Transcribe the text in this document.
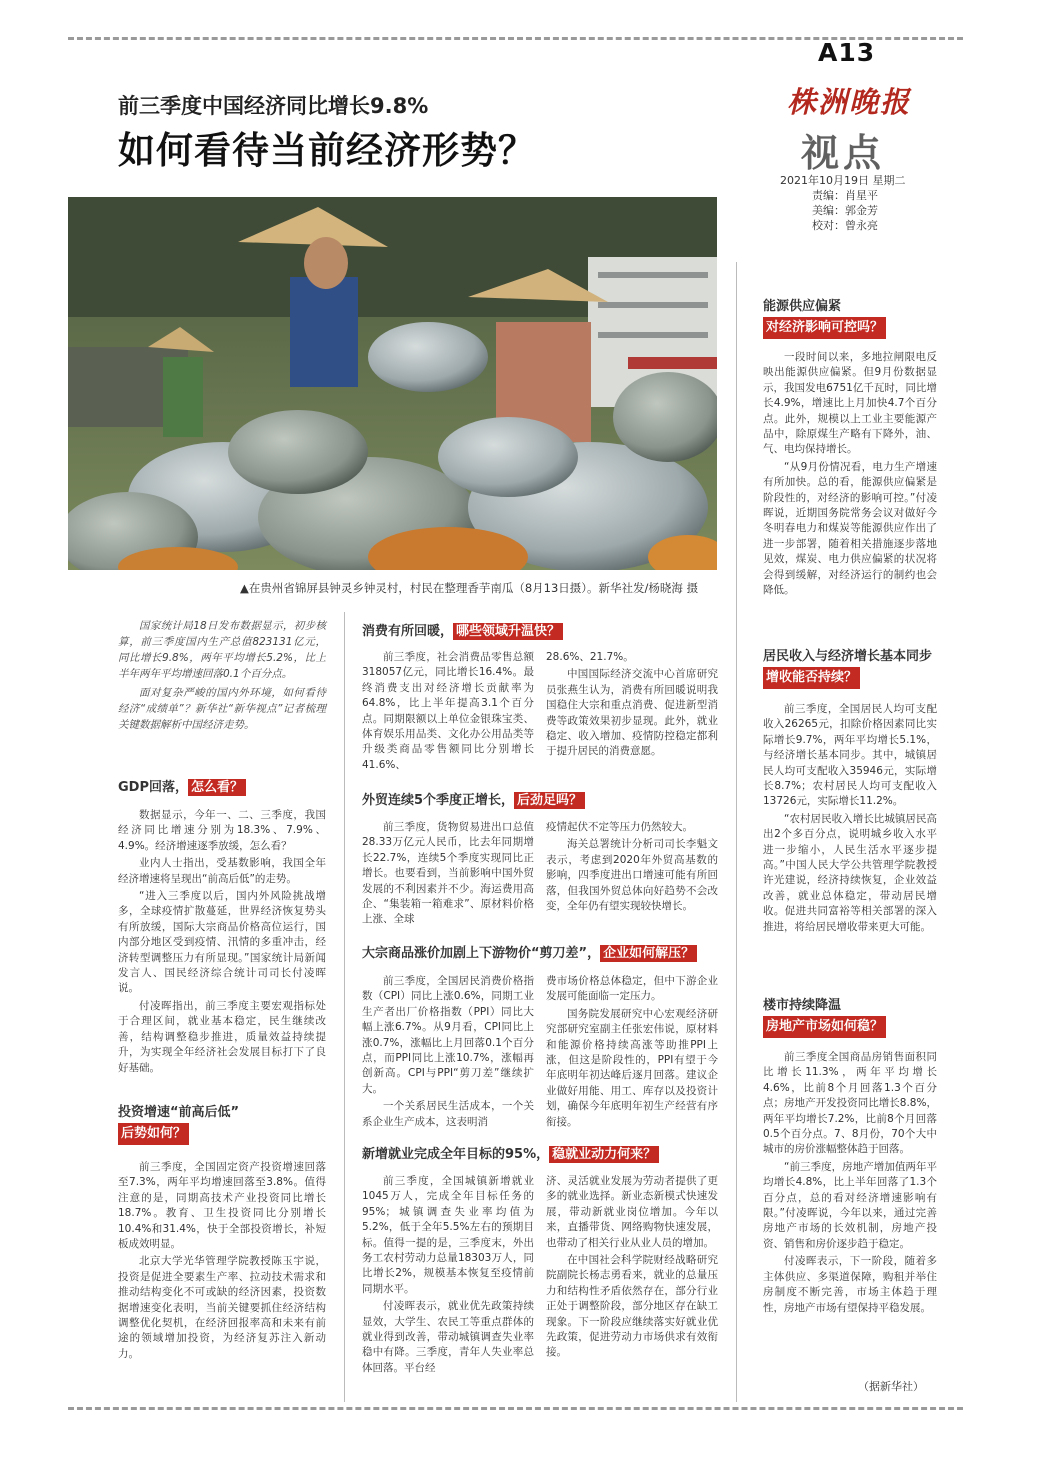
A13
株洲晚报
视点
2021年10月19日 星期二
责编：肖星平
美编：郭金芳
校对：曾永亮
前三季度中国经济同比增长9.8%
如何看待当前经济形势？
▲在贵州省锦屏县钟灵乡钟灵村，村民在整理香芋南瓜（8月13日摄）。新华社发/杨晓海 摄

国家统计局18日发布数据显示，初步核算，前三季度国内生产总值823131亿元，同比增长9.8%，两年平均增长5.2%，比上半年两年平均增速回落0.1个百分点。

面对复杂严峻的国内外环境，如何看待经济“成绩单”？新华社“新华视点”记者梳理关键数据解析中国经济走势。

GDP回落， 怎么看？

数据显示，今年一、二、三季度，我国经济同比增速分别为18.3%、7.9%、4.9%。经济增速逐季放缓，怎么看？

业内人士指出，受基数影响，我国全年经济增速将呈现出“前高后低”的走势。

“进入三季度以后，国内外风险挑战增多，全球疫情扩散蔓延，世界经济恢复势头有所放缓，国际大宗商品价格高位运行，国内部分地区受到疫情、汛情的多重冲击，经济转型调整压力有所显现。”国家统计局新闻发言人、国民经济综合统计司司长付凌晖说。

付凌晖指出，前三季度主要宏观指标处于合理区间，就业基本稳定，民生继续改善，结构调整稳步推进，质量效益持续提升，为实现全年经济社会发展目标打下了良好基础。

投资增速“前高后低”
后势如何？

前三季度，全国固定资产投资增速回落至7.3%，两年平均增速回落至3.8%。值得注意的是，同期高技术产业投资同比增长18.7%。教育、卫生投资同比分别增长10.4%和31.4%，快于全部投资增长，补短板成效明显。

北京大学光华管理学院教授陈玉宇说，投资是促进全要素生产率、拉动技术需求和推动结构变化不可或缺的经济因素，投资数据增速变化表明，当前关键要抓住经济结构调整优化契机，在经济回报率高和未来有前途的领域增加投资，为经济复苏注入新动力。

消费有所回暖， 哪些领域升温快？

前三季度，社会消费品零售总额318057亿元，同比增长16.4%。最终消费支出对经济增长贡献率为64.8%，比上半年提高3.1个百分点。同期限额以上单位金银珠宝类、体育娱乐用品类、文化办公用品类等升级类商品零售额同比分别增长41.6%、

28.6%、21.7%。

中国国际经济交流中心首席研究员张燕生认为，消费有所回暖说明我国稳住大宗和重点消费、促进新型消费等政策效果初步显现。此外，就业稳定、收入增加、疫情防控稳定都利于提升居民的消费意愿。

外贸连续5个季度正增长， 后劲足吗？

前三季度，货物贸易进出口总值28.33万亿元人民币，比去年同期增长22.7%，连续5个季度实现同比正增长。也要看到，当前影响中国外贸发展的不利因素并不少。海运费用高企、“集装箱一箱难求”、原材料价格上涨、全球

疫情起伏不定等压力仍然较大。

海关总署统计分析司司长李魁文表示，考虑到2020年外贸高基数的影响，四季度进出口增速可能有所回落，但我国外贸总体向好趋势不会改变，全年仍有望实现较快增长。

大宗商品涨价加剧上下游物价“剪刀差”， 企业如何解压？

前三季度，全国居民消费价格指数（CPI）同比上涨0.6%，同期工业生产者出厂价格指数（PPI）同比大幅上涨6.7%。从9月看，CPI同比上涨0.7%，涨幅比上月回落0.1个百分点，而PPI同比上涨10.7%，涨幅再创新高。CPI与PPI“剪刀差”继续扩大。

一个关系居民生活成本，一个关系企业生产成本，这表明消

费市场价格总体稳定，但中下游企业发展可能面临一定压力。

国务院发展研究中心宏观经济研究部研究室副主任张宏伟说，原材料和能源价格持续高涨等助推PPI上涨，但这是阶段性的，PPI有望于今年底明年初达峰后逐月回落。建议企业做好用能、用工、库存以及投资计划，确保今年底明年初生产经营有序衔接。

新增就业完成全年目标的95%， 稳就业动力何来？

前三季度，全国城镇新增就业1045万人，完成全年目标任务的95%；城镇调查失业率均值为5.2%，低于全年5.5%左右的预期目标。值得一提的是，三季度末，外出务工农村劳动力总量18303万人，同比增长2%，规模基本恢复至疫情前同期水平。

付凌晖表示，就业优先政策持续显效，大学生、农民工等重点群体的就业得到改善，带动城镇调查失业率稳中有降。三季度，青年人失业率总体回落。平台经

济、灵活就业发展为劳动者提供了更多的就业选择。新业态新模式快速发展，带动新就业岗位增加。今年以来，直播带货、网络购物快速发展，也带动了相关行业从业人员的增加。

在中国社会科学院财经战略研究院副院长杨志勇看来，就业的总量压力和结构性矛盾依然存在，部分行业正处于调整阶段，部分地区存在缺工现象。下一阶段应继续落实好就业优先政策，促进劳动力市场供求有效衔接。

能源供应偏紧
对经济影响可控吗？

一段时间以来，多地拉闸限电反映出能源供应偏紧。但9月份数据显示，我国发电6751亿千瓦时，同比增长4.9%，增速比上月加快4.7个百分点。此外，规模以上工业主要能源产品中，除原煤生产略有下降外，油、气、电均保持增长。

“从9月份情况看，电力生产增速有所加快。总的看，能源供应偏紧是阶段性的，对经济的影响可控。”付凌晖说，近期国务院常务会议对做好今冬明春电力和煤炭等能源供应作出了进一步部署，随着相关措施逐步落地见效，煤炭、电力供应偏紧的状况将会得到缓解，对经济运行的制约也会降低。

居民收入与经济增长基本同步
增收能否持续？

前三季度，全国居民人均可支配收入26265元，扣除价格因素同比实际增长9.7%，两年平均增长5.1%，与经济增长基本同步。其中，城镇居民人均可支配收入35946元，实际增长8.7%；农村居民人均可支配收入13726元，实际增长11.2%。

“农村居民收入增长比城镇居民高出2个多百分点，说明城乡收入水平进一步缩小，人民生活水平逐步提高。”中国人民大学公共管理学院教授许光建说，经济持续恢复，企业效益改善，就业总体稳定，带动居民增收。促进共同富裕等相关部署的深入推进，将给居民增收带来更大可能。

楼市持续降温
房地产市场如何稳？

前三季度全国商品房销售面积同比增长11.3%，两年平均增长4.6%，比前8个月回落1.3个百分点；房地产开发投资同比增长8.8%，两年平均增长7.2%，比前8个月回落0.5个百分点。7、8月份，70个大中城市的房价涨幅整体趋于回落。

“前三季度，房地产增加值两年平均增长4.8%，比上半年回落了1.3个百分点，总的看对经济增速影响有限。”付凌晖说，今年以来，通过完善房地产市场的长效机制，房地产投资、销售和房价逐步趋于稳定。

付凌晖表示，下一阶段，随着多主体供应、多渠道保障，购租并举住房制度不断完善，市场主体趋于理性，房地产市场有望保持平稳发展。

（据新华社）
